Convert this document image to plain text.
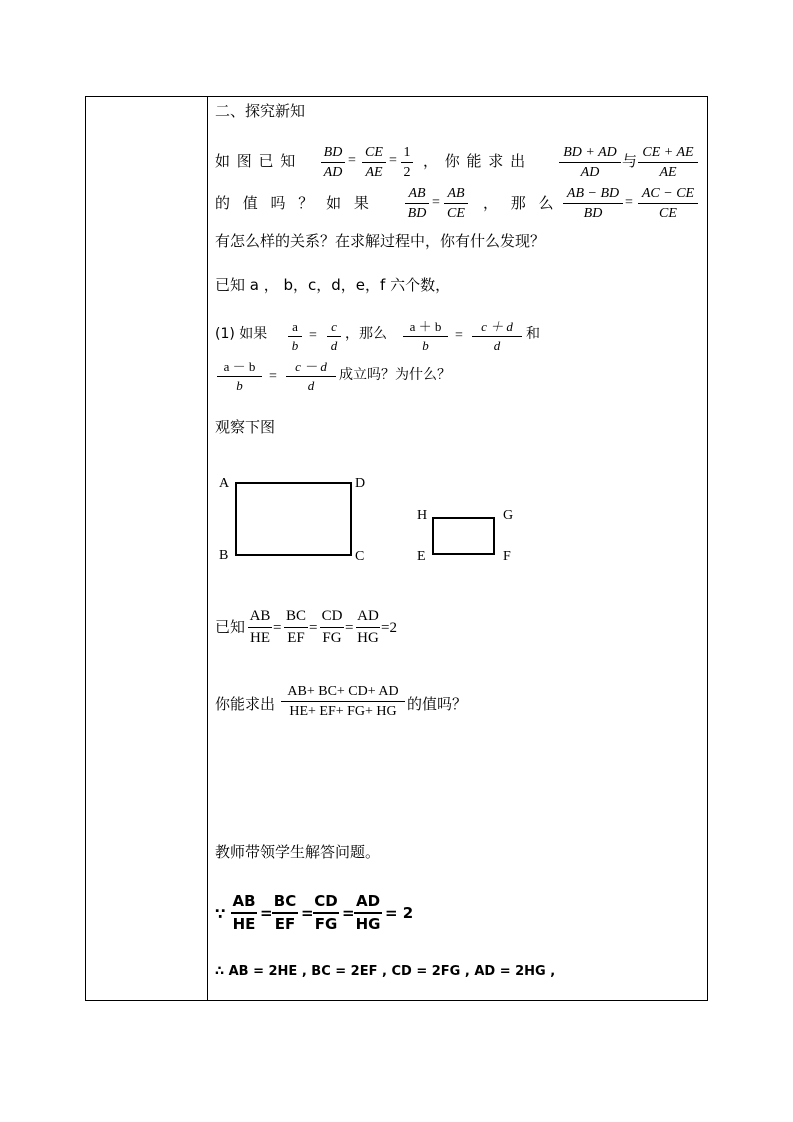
二、探究新知
如 图 已 知 BD
AD
=
CE
AE
=
1
2
， 你 能 求 出	BD + AD
AD
与 CE + AE
AE
的 值 吗 ？ 如 果
AB
BD
=
AB
CE
， 那 么
AB − BD
BD
=
AC − CE
CE
有怎么样的关系？在求解过程中，你有什么发现？
已知 a ， b，c，d，e，f 六个数，
(1) 如果	a
b
=
c
d
，那么	a ＋ b
b
=
c ＋ d
d
和
a － b
b
=
c － d
d
成立吗？为什么？
观察下图
A	D
B	C
H	G
E	F
已知
AB
HE
=
BC
EF
=
CD
FG
=
AD
HG
=2
你能求出
AB+ BC+ CD+ AD
HE+ EF+ FG+ HG 的值吗？
教师带领学生解答问题。
∵
AB
HE
=
BC
EF
=
CD
FG
=
AD
HG
= 2
∴ AB = 2HE , BC = 2EF , CD = 2FG , AD = 2HG ,
